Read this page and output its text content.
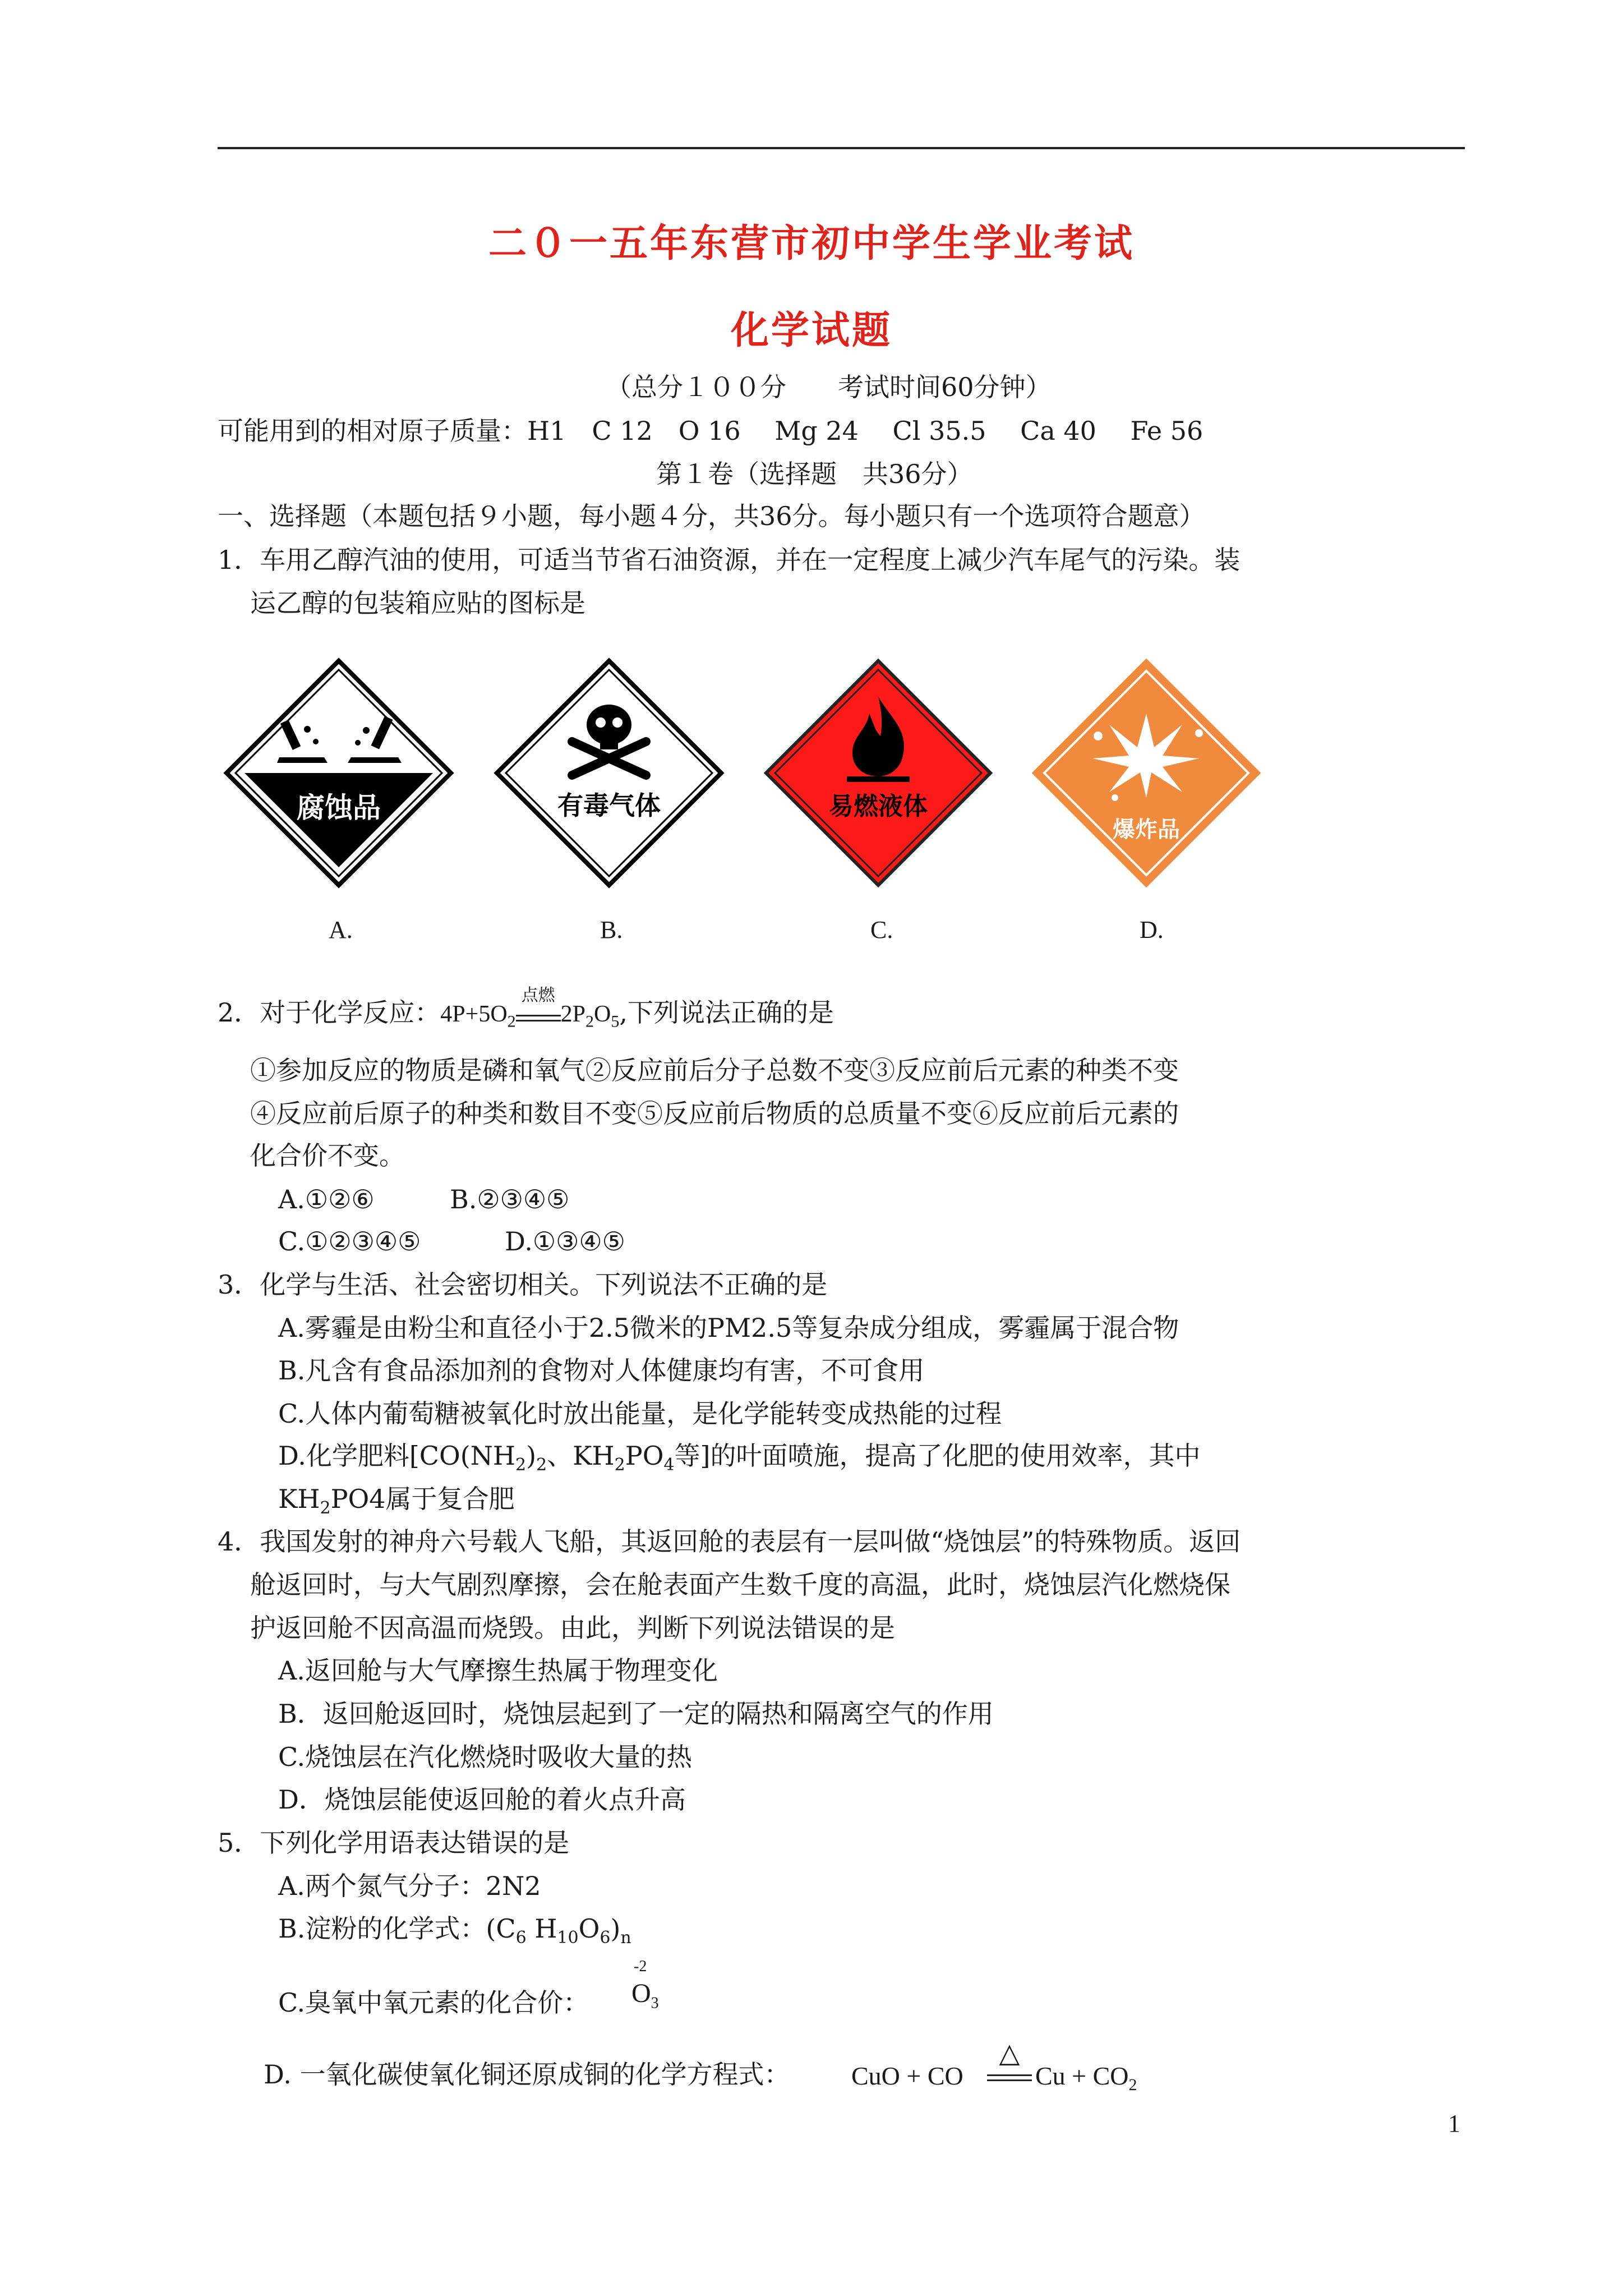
二０一五年东营市初中学生学业考试
化学试题
（总分１００分　　考试时间60分钟）
可能用到的相对原子质量：H1　C 12　O 16　 Mg 24　 Cl 35.5　 Ca 40　 Fe 56
第１卷（选择题　共36分）
一、选择题（本题包括９小题，每小题４分，共36分。每小题只有一个选项符合题意）
1．车用乙醇汽油的使用，可适当节省石油资源，并在一定程度上减少汽车尾气的污染。装
运乙醇的包装箱应贴的图标是
腐蚀品	有毒气体	易燃液体
爆炸品
A.	B.	C.	D.
2．对于化学反应：$4P+5O_2$
点燃
$2P_2O_5$,下列说法正确的是
①参加反应的物质是磷和氧气②反应前后分子总数不变③反应前后元素的种类不变
④反应前后原子的种类和数目不变⑤反应前后物质的总质量不变⑥反应前后元素的
化合价不变。
A.①②⑥	B.②③④⑤
C.①②③④⑤	D.①③④⑤
3．化学与生活、社会密切相关。下列说法不正确的是
A.雾霾是由粉尘和直径小于2.5微米的PM2.5等复杂成分组成，雾霾属于混合物
B.凡含有食品添加剂的食物对人体健康均有害，不可食用
C.人体内葡萄糖被氧化时放出能量，是化学能转变成热能的过程
D.化学肥料[$CO(NH_2)_2$、$KH_2PO_4$等]的叶面喷施，提高了化肥的使用效率，其中
$KH_2PO4$属于复合肥
4．我国发射的神舟六号载人飞船，其返回舱的表层有一层叫做“烧蚀层”的特殊物质。返回
舱返回时，与大气剧烈摩擦，会在舱表面产生数千度的高温，此时，烧蚀层汽化燃烧保
护返回舱不因高温而烧毁。由此，判断下列说法错误的是
A.返回舱与大气摩擦生热属于物理变化
B．返回舱返回时，烧蚀层起到了一定的隔热和隔离空气的作用
C.烧蚀层在汽化燃烧时吸收大量的热
D．烧蚀层能使返回舱的着火点升高
5．下列化学用语表达错误的是
A.两个氮气分子：2N2
B.淀粉的化学式：($C_6$ $H_{10}O_6)_n$
C.臭氧中氧元素的化合价：
-2
$O_3$
D. 一氧化碳使氧化铜还原成铜的化学方程式： CuO + CO
△
$Cu + CO_2$
1
